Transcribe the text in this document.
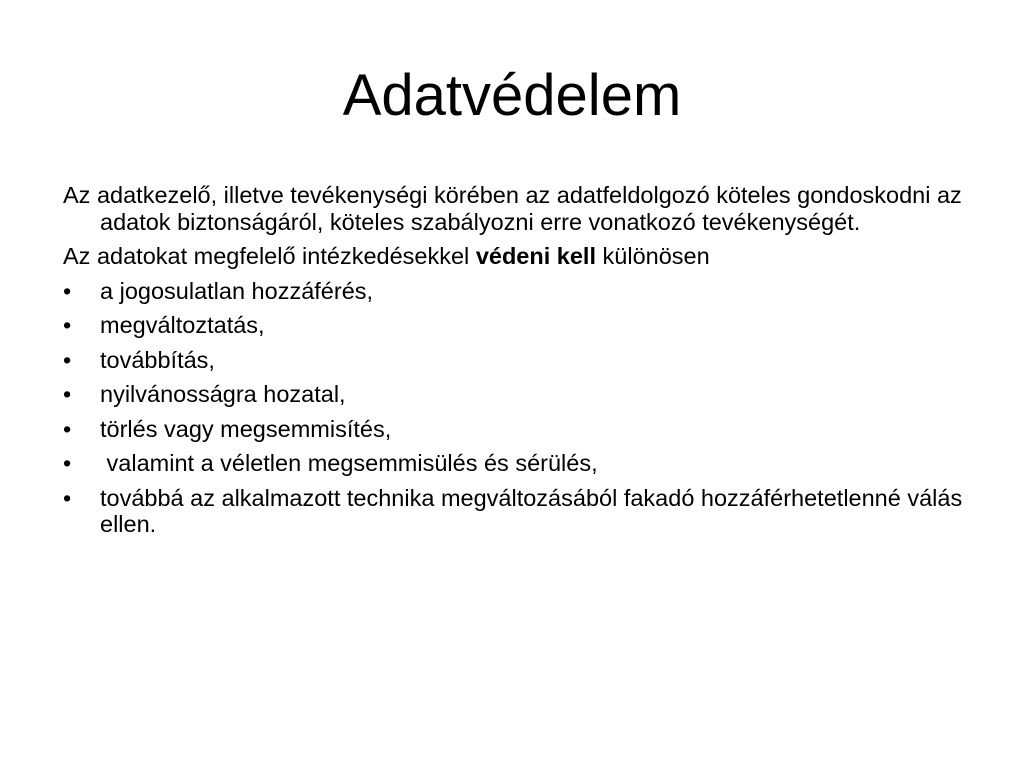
Adatvédelem

Az adatkezelő, illetve tevékenységi körében az adatfeldolgozó köteles gondoskodni az adatok biztonságáról, köteles szabályozni erre vonatkozó tevékenységét.

Az adatokat megfelelő intézkedésekkel védeni kell különösen

•	a jogosulatlan hozzáférés,
•	megváltoztatás,
•	továbbítás,
•	nyilvánosságra hozatal,
•	törlés vagy megsemmisítés,
•	valamint a véletlen megsemmisülés és sérülés,
•	továbbá az alkalmazott technika megváltozásából fakadó hozzáférhetetlenné válás ellen.
